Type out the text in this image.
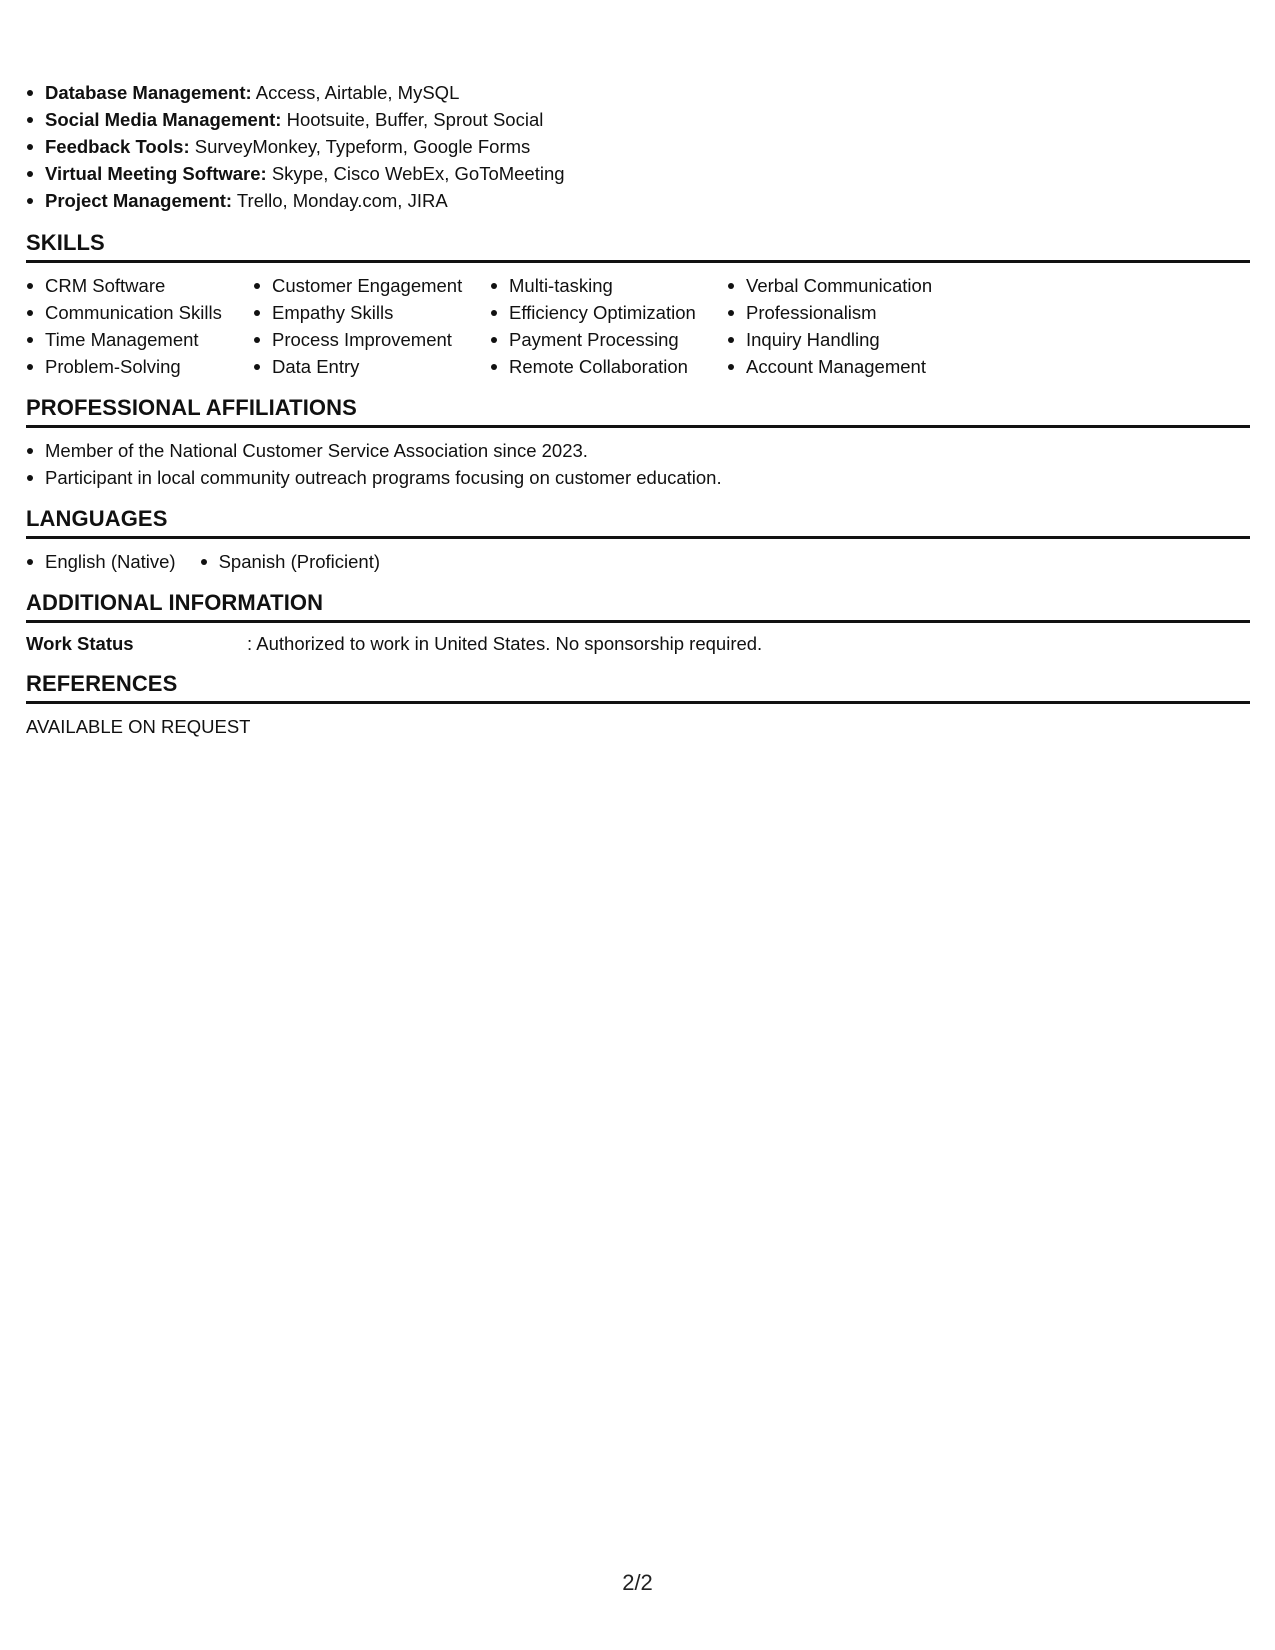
Database Management: Access, Airtable, MySQL
Social Media Management: Hootsuite, Buffer, Sprout Social
Feedback Tools: SurveyMonkey, Typeform, Google Forms
Virtual Meeting Software: Skype, Cisco WebEx, GoToMeeting
Project Management: Trello, Monday.com, JIRA
SKILLS
CRM Software
Communication Skills
Time Management
Problem-Solving
Customer Engagement
Empathy Skills
Process Improvement
Data Entry
Multi-tasking
Efficiency Optimization
Payment Processing
Remote Collaboration
Verbal Communication
Professionalism
Inquiry Handling
Account Management
PROFESSIONAL AFFILIATIONS
Member of the National Customer Service Association since 2023.
Participant in local community outreach programs focusing on customer education.
LANGUAGES
English (Native)	Spanish (Proficient)
ADDITIONAL INFORMATION
Work Status	: Authorized to work in United States. No sponsorship required.
REFERENCES
AVAILABLE ON REQUEST
2/2
